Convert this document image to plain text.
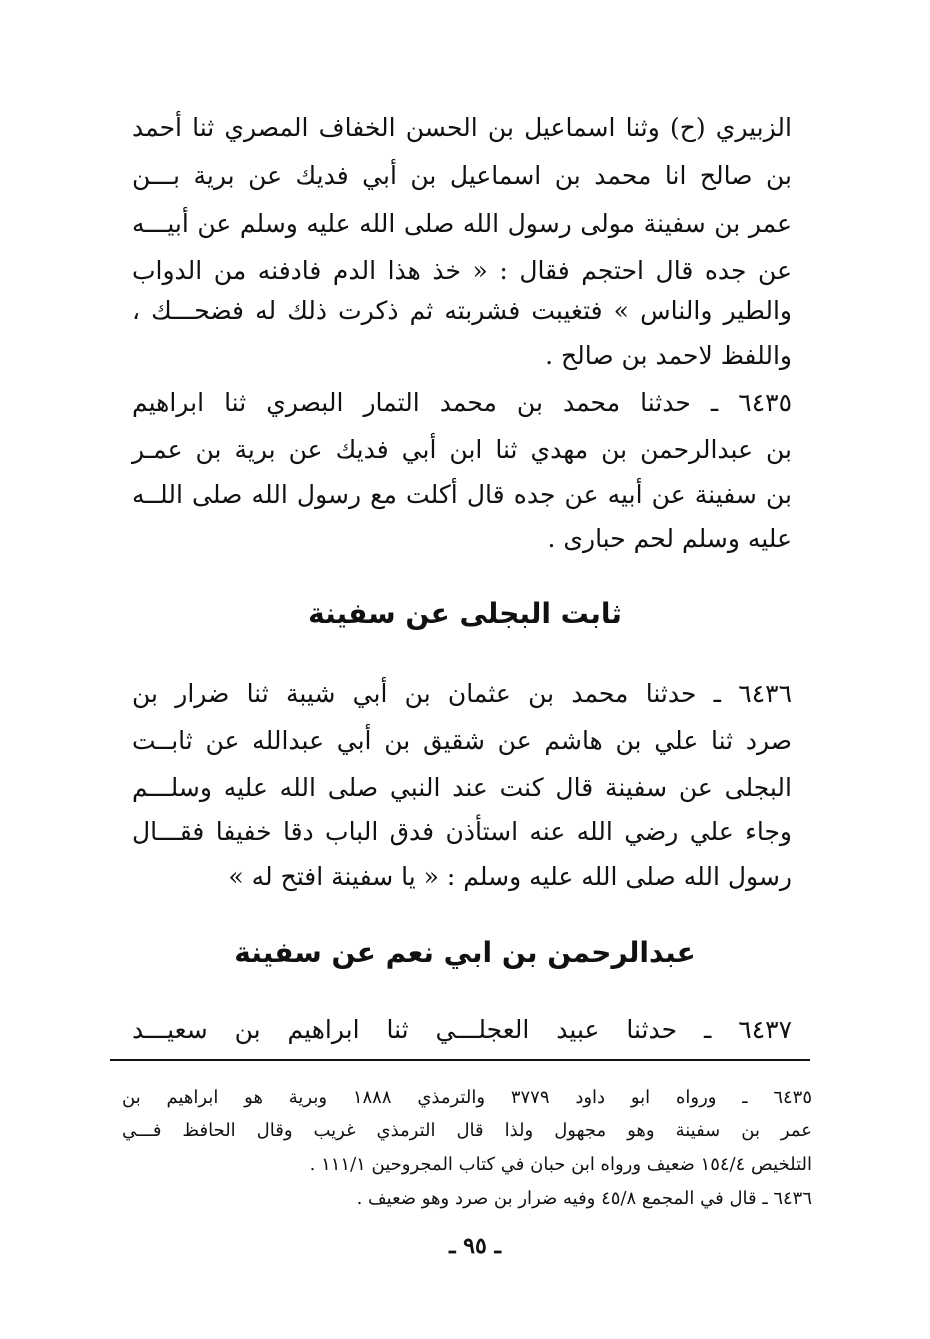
الزبيري (ح) وثنا اسماعيل بن الحسن الخفاف المصري ثنا أحمد
بن صالح انا محمد بن اسماعيل بن أبي فديك عن برية بـــن
عمر بن سفينة مولى رسول الله صلى الله عليه وسلم عن أبيـــه
عن جده قال احتجم فقال : « خذ هذا الدم فادفنه من الدواب
والطير والناس » فتغيبت فشربته ثم ذكرت ذلك له فضحـــك ،
واللفظ لاحمد بن صالح .
٦٤٣٥ ـ حدثنا محمد بن محمد التمار البصري ثنا ابراهيم
بن عبدالرحمن بن مهدي ثنا ابن أبي فديك عن برية بن عمـر
بن سفينة عن أبيه عن جده قال أكلت مع رسول الله صلى اللــه
عليه وسلم لحم حبارى .
ثابت البجلى عن سفينة
٦٤٣٦ ـ حدثنا محمد بن عثمان بن أبي شيبة ثنا ضرار بن
صرد ثنا علي بن هاشم عن شقيق بن أبي عبدالله عن ثابــت
البجلى عن سفينة قال كنت عند النبي صلى الله عليه وسلـــم
وجاء علي رضي الله عنه استأذن فدق الباب دقا خفيفا فقـــال
رسول الله صلى الله عليه وسلم : « يا سفينة افتح له »
عبدالرحمن بن ابي نعم عن سفينة
٦٤٣٧ ـ حدثنا عبيد العجلـــي ثنا ابراهيم بن سعيـــد
٦٤٣٥ ـ ورواه ابو داود ٣٧٧٩ والترمذي ١٨٨٨ وبرية هو ابراهيم بن
عمر بن سفينة وهو مجهول ولذا قال الترمذي غريب وقال الحافظ فـــي
التلخيص ١٥٤/٤ ضعيف ورواه ابن حبان في كتاب المجروحين ١١١/١ .
٦٤٣٦ ـ قال في المجمع ٤٥/٨ وفيه ضرار بن صرد وهو ضعيف .
ـ ٩٥ ـ
